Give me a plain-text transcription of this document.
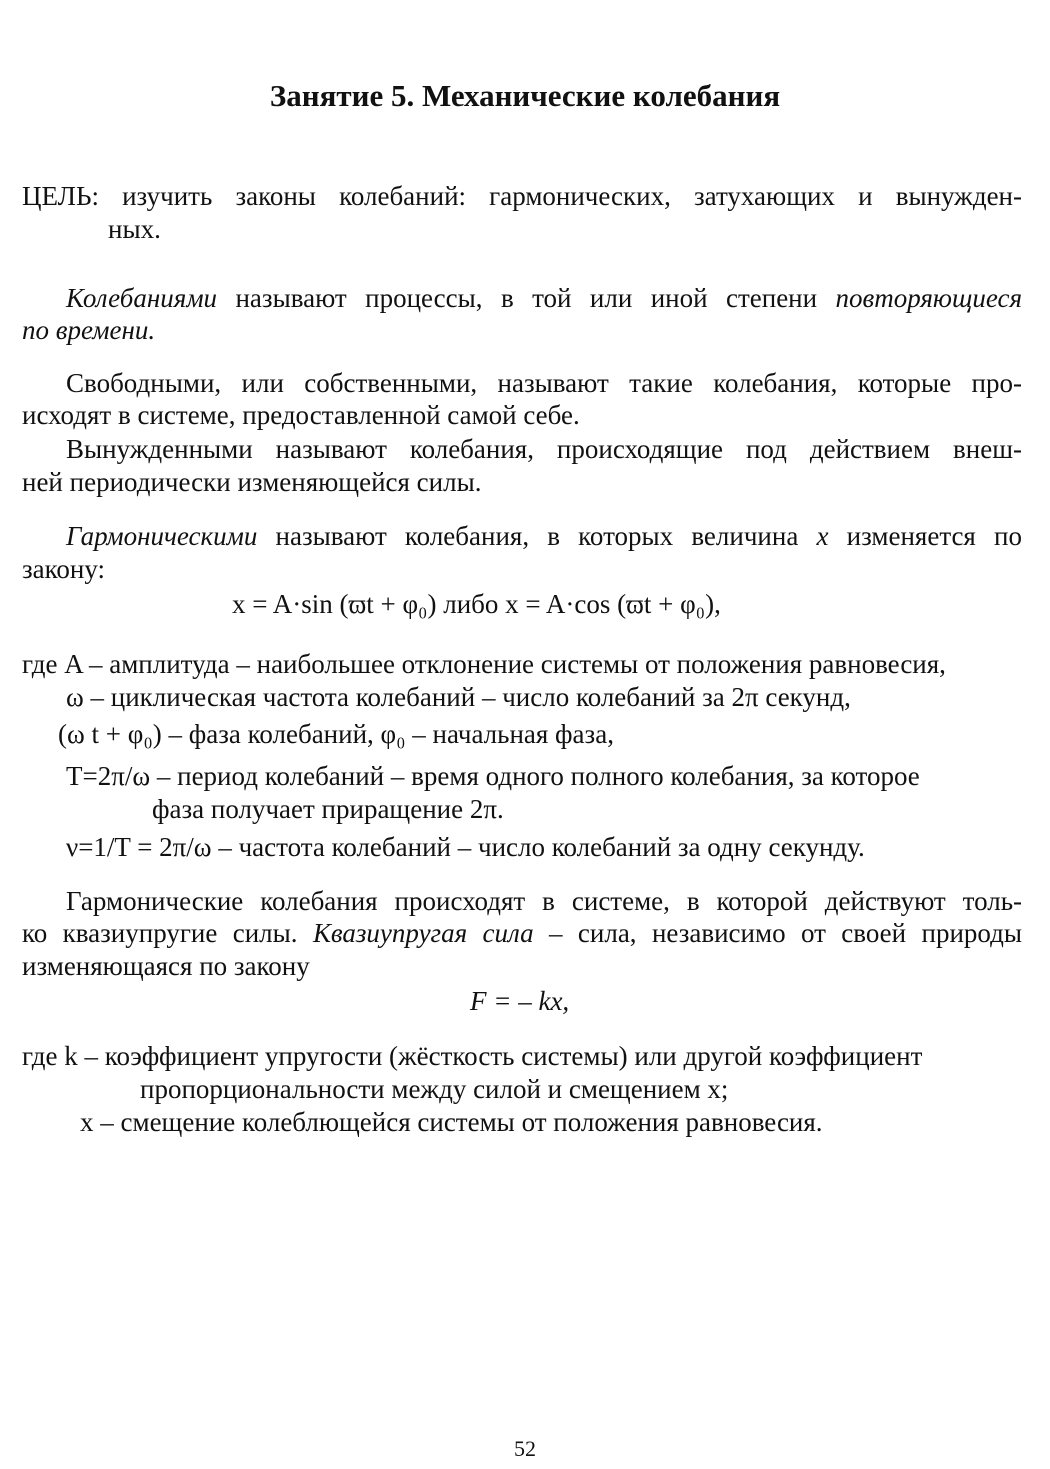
Занятие 5. Механические колебания
ЦЕЛЬ: изучить законы колебаний: гармонических, затухающих и вынужден-
ных.
Колебаниями называют процессы, в той или иной степени повторяющиеся
по времени.
Свободными, или собственными, называют такие колебания, которые про-
исходят в системе, предоставленной самой себе.
Вынужденными называют колебания, происходящие под действием внеш-
ней периодически изменяющейся силы.
Гармоническими называют колебания, в которых величина x изменяется по
закону:
x = A·sin (ϖt + φ₀) либо x = A·cos (ϖt + φ₀),
где A – амплитуда – наибольшее отклонение системы от положения равновесия,
ω – циклическая частота колебаний – число колебаний за 2π секунд,
(ω t + φ₀) – фаза колебаний, φ₀ – начальная фаза,
T=2π/ω – период колебаний – время одного полного колебания, за которое
фаза получает приращение 2π.
ν=1/T = 2π/ω – частота колебаний – число колебаний за одну секунду.
Гармонические колебания происходят в системе, в которой действуют толь-
ко квазиупругие силы. Квазиупругая сила – сила, независимо от своей природы
изменяющаяся по закону
F = – kx,
где k – коэффициент упругости (жёсткость системы) или другой коэффициент
пропорциональности между силой и смещением x;
x – смещение колеблющейся системы от положения равновесия.
52
